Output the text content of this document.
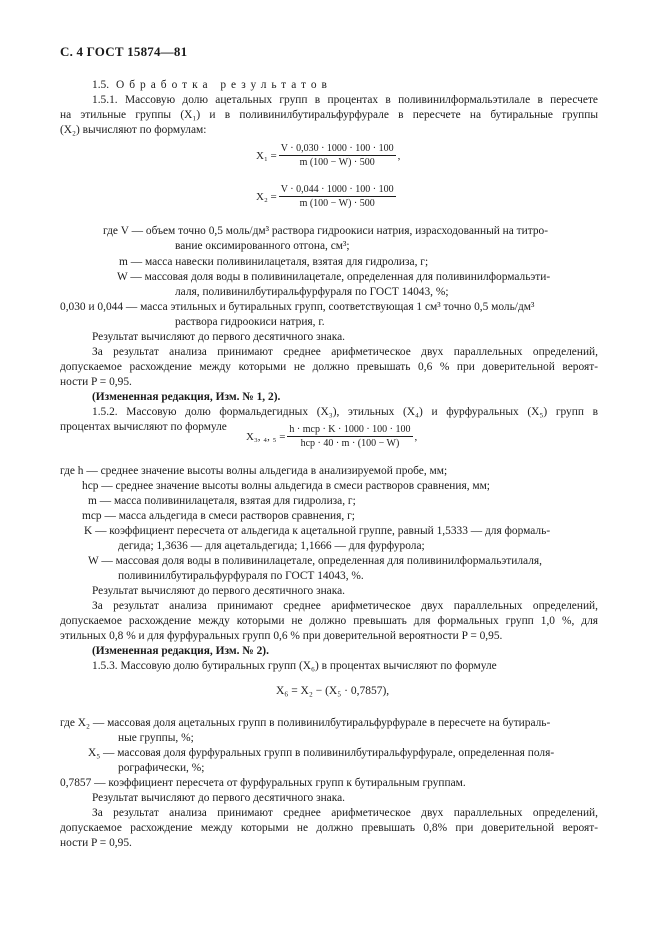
С. 4 ГОСТ 15874—81
1.5. Обработка результатов
1.5.1. Массовую долю ацетальных групп в процентах в поливинилформальэтилале в пересчете
на этильные группы (X₁) и в поливинилбутиральфурфурале в пересчете на бутиральные группы
(X₂) вычисляют по формулам:
$X_1 = \frac{V \cdot 0,030 \cdot 1000 \cdot 100 \cdot 100}{m (100 - W) \cdot 500}$ ,
$X_2 = \frac{V \cdot 0,044 \cdot 1000 \cdot 100 \cdot 100}{m (100 - W) \cdot 500}$
где V — объем точно 0,5 моль/дм³ раствора гидроокиси натрия, израсходованный на титро-
вание оксимированного отгона, см³;
m — масса навески поливинилацеталя, взятая для гидролиза, г;
W — массовая доля воды в поливинилацетале, определенная для поливинилформальэти-
лаля, поливинилбутиральфурфураля по ГОСТ 14043, %;
0,030 и 0,044 — масса этильных и бутиральных групп, соответствующая 1 см³ точно 0,5 моль/дм³
раствора гидроокиси натрия, г.
Результат вычисляют до первого десятичного знака.
За результат анализа принимают среднее арифметическое двух параллельных определений,
допускаемое расхождение между которыми не должно превышать 0,6 % при доверительной вероят-
ности P = 0,95.
(Измененная редакция, Изм. № 1, 2).
1.5.2. Массовую долю формальдегидных (X₃), этильных (X₄) и фурфуральных (X₅) групп в
процентах вычисляют по формуле
X₃, ₄, $_5 = \frac{\text{h · mср · K · 1000 · 100 · 100}}{\text{hср · 40 · m · (100 − W)}}$ ,
где h — среднее значение высоты волны альдегида в анализируемой пробе, мм;
hср — среднее значение высоты волны альдегида в смеси растворов сравнения, мм;
m — масса поливинилацеталя, взятая для гидролиза, г;
mср — масса альдегида в смеси растворов сравнения, г;
K — коэффициент пересчета от альдегида к ацетальной группе, равный 1,5333 — для формаль-
дегида; 1,3636 — для ацетальдегида; 1,1666 — для фурфурола;
W — массовая доля воды в поливинилацетале, определенная для поливинилформальэтилаля,
поливинилбутиральфурфураля по ГОСТ 14043, %.
Результат вычисляют до первого десятичного знака.
За результат анализа принимают среднее арифметическое двух параллельных определений,
допускаемое расхождение между которыми не должно превышать для формальных групп 1,0 %, для
этильных 0,8 % и для фурфуральных групп 0,6 % при доверительной вероятности P = 0,95.
(Измененная редакция, Изм. № 2).
1.5.3. Массовую долю бутиральных групп (X₆) в процентах вычисляют по формуле
X₆ = X₂ − (X₅ · 0,7857),
где X₂ — массовая доля ацетальных групп в поливинилбутиральфурфурале в пересчете на бутираль-
ные группы, %;
X₅ — массовая доля фурфуральных групп в поливинилбутиральфурфурале, определенная поля-
рографически, %;
0,7857 — коэффициент пересчета от фурфуральных групп к бутиральным группам.
Результат вычисляют до первого десятичного знака.
За результат анализа принимают среднее арифметическое двух параллельных определений,
допускаемое расхождение между которыми не должно превышать 0,8% при доверительной вероят-
ности P = 0,95.
